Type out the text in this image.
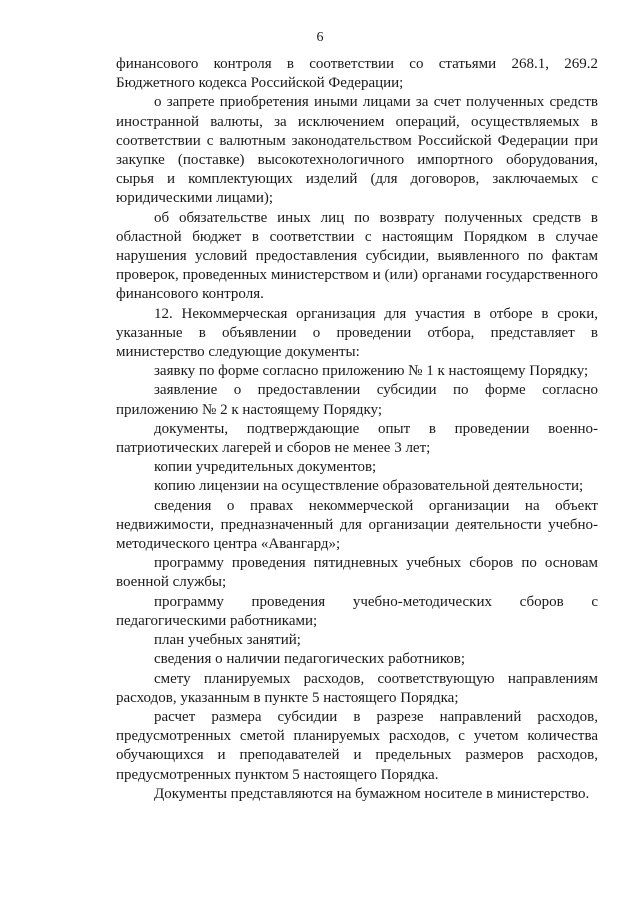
6

финансового контроля в соответствии со статьями 268.1, 269.2 Бюджетного кодекса Российской Федерации;

о запрете приобретения иными лицами за счет полученных средств иностранной валюты, за исключением операций, осуществляемых в соответствии с валютным законодательством Российской Федерации при закупке (поставке) высокотехнологичного импортного оборудования, сырья и комплектующих изделий (для договоров, заключаемых с юридическими лицами);

об обязательстве иных лиц по возврату полученных средств в областной бюджет в соответствии с настоящим Порядком в случае нарушения условий предоставления субсидии, выявленного по фактам проверок, проведенных министерством и (или) органами государственного финансового контроля.

12. Некоммерческая организация для участия в отборе в сроки, указанные в объявлении о проведении отбора, представляет в министерство следующие документы:

заявку по форме согласно приложению № 1 к настоящему Порядку;

заявление о предоставлении субсидии по форме согласно приложению № 2 к настоящему Порядку;

документы, подтверждающие опыт в проведении военно-патриотических лагерей и сборов не менее 3 лет;

копии учредительных документов;

копию лицензии на осуществление образовательной деятельности;

сведения о правах некоммерческой организации на объект недвижимости, предназначенный для организации деятельности учебно-методического центра «Авангард»;

программу проведения пятидневных учебных сборов по основам военной службы;

программу проведения учебно-методических сборов с педагогическими работниками;

план учебных занятий;

сведения о наличии педагогических работников;

смету планируемых расходов, соответствующую направлениям расходов, указанным в пункте 5 настоящего Порядка;

расчет размера субсидии в разрезе направлений расходов, предусмотренных сметой планируемых расходов, с учетом количества обучающихся и преподавателей и предельных размеров расходов, предусмотренных пунктом 5 настоящего Порядка.

Документы представляются на бумажном носителе в министерство.
